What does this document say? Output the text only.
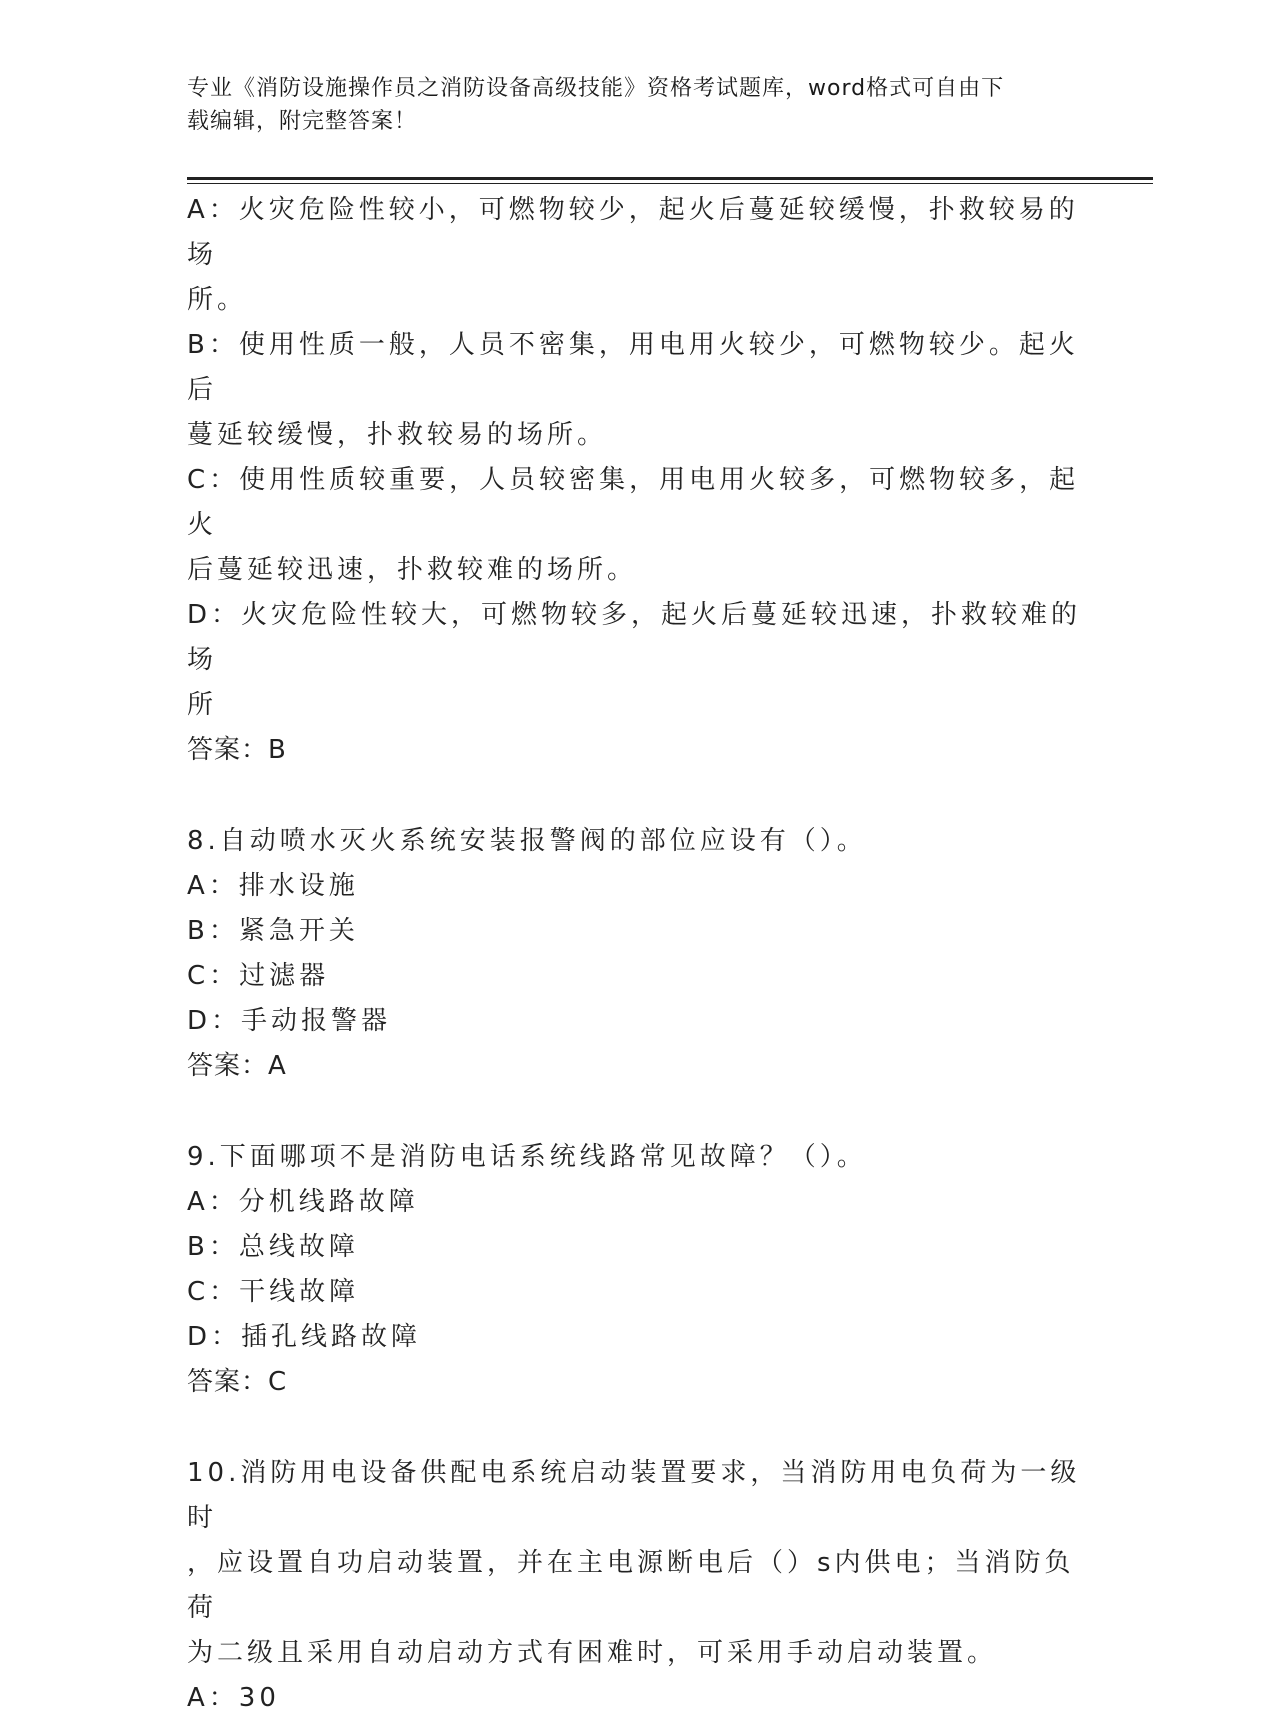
专业《消防设施操作员之消防设备高级技能》资格考试题库，word格式可自由下
载编辑，附完整答案！

A：火灾危险性较小，可燃物较少，起火后蔓延较缓慢，扑救较易的场

所。

B：使用性质一般，人员不密集，用电用火较少，可燃物较少。起火后

蔓延较缓慢，扑救较易的场所。

C：使用性质较重要，人员较密集，用电用火较多，可燃物较多，起火

后蔓延较迅速，扑救较难的场所。

D：火灾危险性较大，可燃物较多，起火后蔓延较迅速，扑救较难的场

所

答案：B

8.自动喷水灭火系统安装报警阀的部位应设有（）。

A：排水设施

B：紧急开关

C：过滤器

D：手动报警器

答案：A

9.下面哪项不是消防电话系统线路常见故障？（）。

A：分机线路故障

B：总线故障

C：干线故障

D：插孔线路故障

答案：C

10.消防用电设备供配电系统启动装置要求，当消防用电负荷为一级时

，应设置自功启动装置，并在主电源断电后（）s内供电；当消防负荷

为二级且采用自动启动方式有困难时，可采用手动启动装置。

A：30
